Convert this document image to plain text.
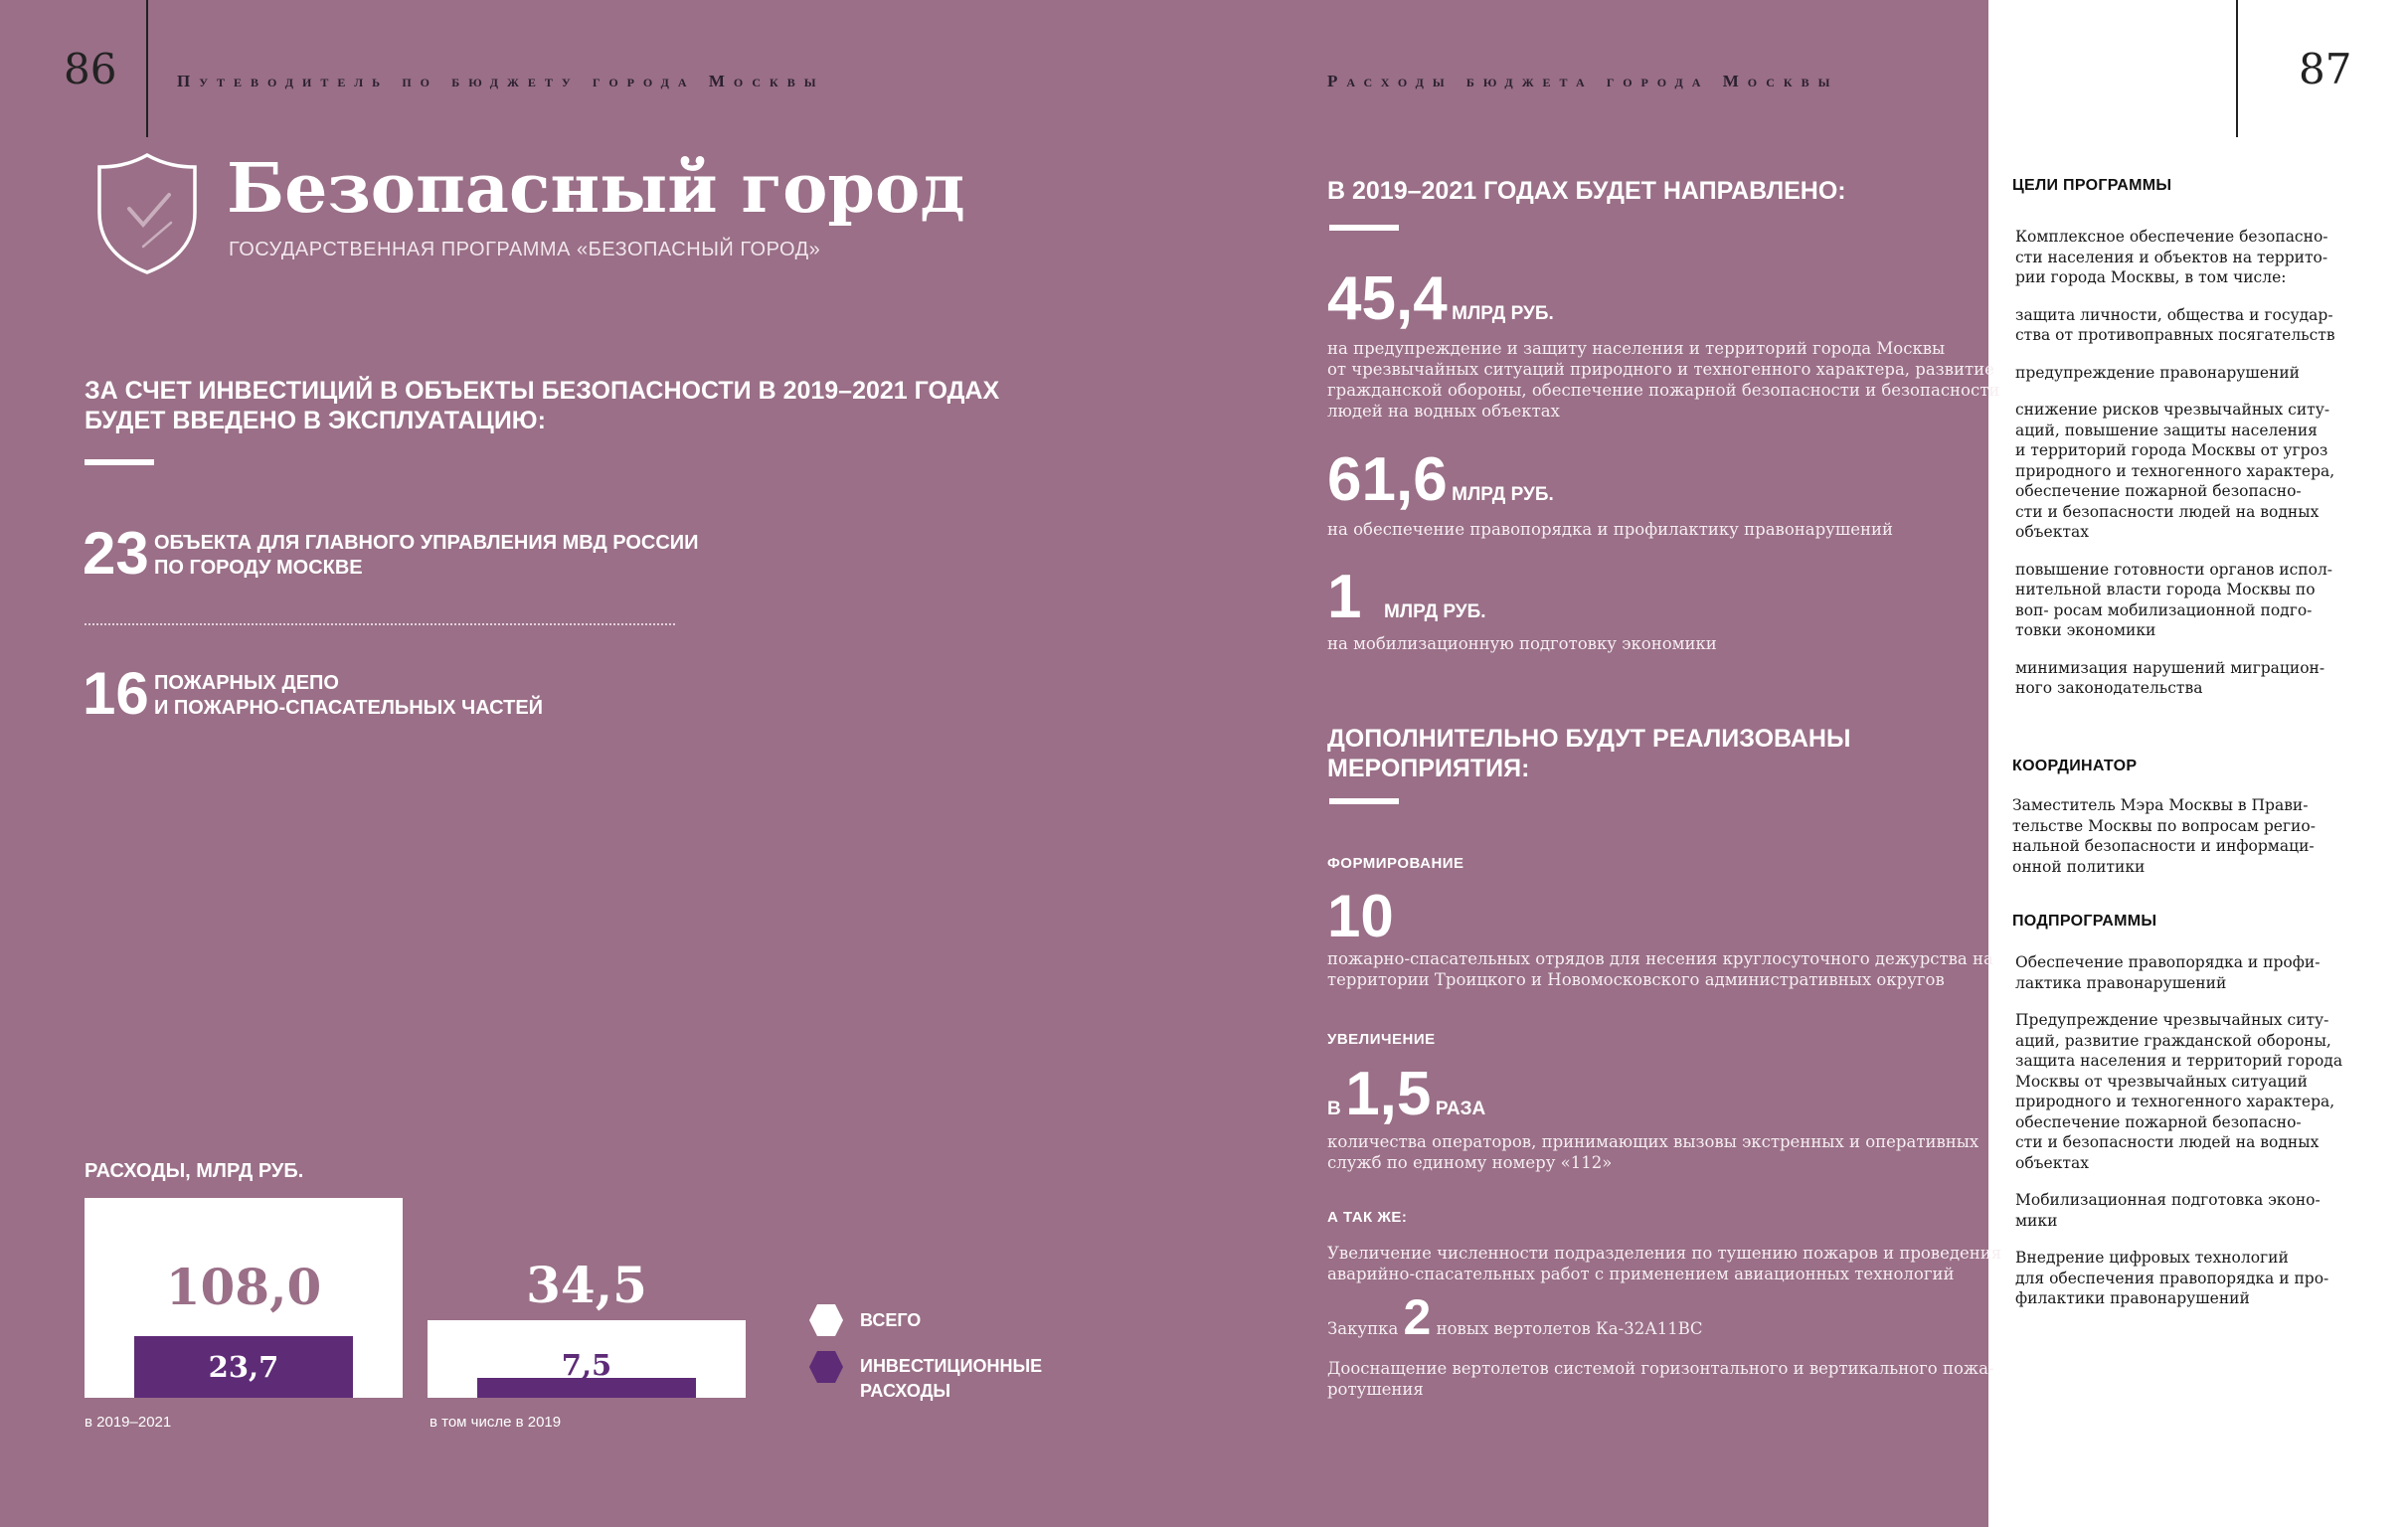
86	Путеводитель по бюджету города Москвы	Расходы бюджета города Москвы	87
Безопасный город
ГОСУДАРСТВЕННАЯ ПРОГРАММА «БЕЗОПАСНЫЙ ГОРОД»
ЗА СЧЕТ ИНВЕСТИЦИЙ В ОБЪЕКТЫ БЕЗОПАСНОСТИ В 2019–2021 ГОДАХ
БУДЕТ ВВЕДЕНО В ЭКСПЛУАТАЦИЮ:
23 ОБЪЕКТА ДЛЯ ГЛАВНОГО УПРАВЛЕНИЯ МВД РОССИИ
ПО ГОРОДУ МОСКВЕ
16 ПОЖАРНЫХ ДЕПО
И ПОЖАРНО-СПАСАТЕЛЬНЫХ ЧАСТЕЙ
РАСХОДЫ, МЛРД РУБ.
108,0
23,7
34,5
7,5
в 2019–2021	в том числе в 2019
ВСЕГО
ИНВЕСТИЦИОННЫЕ
РАСХОДЫ
В 2019–2021 ГОДАХ БУДЕТ НАПРАВЛЕНО:
45,4 МЛРД РУБ.
на предупреждение и защиту населения и территорий города Москвы
от чрезвычайных ситуаций природного и техногенного характера, развитие
гражданской обороны, обеспечение пожарной безопасности и безопасности
людей на водных объектах
61,6 МЛРД РУБ.
на обеспечение правопорядка и профилактику правонарушений
1 МЛРД РУБ.
на мобилизационную подготовку экономики
ДОПОЛНИТЕЛЬНО БУДУТ РЕАЛИЗОВАНЫ
МЕРОПРИЯТИЯ:
ФОРМИРОВАНИЕ
10
пожарно-спасательных отрядов для несения круглосуточного дежурства на
территории Троицкого и Новомосковского административных округов
УВЕЛИЧЕНИЕ
В 1,5 РАЗА
количества операторов, принимающих вызовы экстренных и оперативных
служб по единому номеру «112»
А ТАК ЖЕ:
Увеличение численности подразделения по тушению пожаров и проведения
аварийно-спасательных работ с применением авиационных технологий
Закупка 2 новых вертолетов Ка-32А11ВС
Дооснащение вертолетов системой горизонтального и вертикального пожа-
ротушения
ЦЕЛИ ПРОГРАММЫ
Комплексное обеспечение безопасно-
сти населения и объектов на террито-
рии города Москвы, в том числе:
защита личности, общества и государ-
ства от противоправных посягательств
предупреждение правонарушений
снижение рисков чрезвычайных ситу-
аций, повышение защиты населения
и территорий города Москвы от угроз
природного и техногенного характера,
обеспечение пожарной безопасно-
сти и безопасности людей на водных
объектах
повышение готовности органов испол-
нительной власти города Москвы по
воп- росам мобилизационной подго-
товки экономики
минимизация нарушений миграцион-
ного законодательства
КООРДИНАТОР
Заместитель Мэра Москвы в Прави-
тельстве Москвы по вопросам регио-
нальной безопасности и информаци-
онной политики
ПОДПРОГРАММЫ
Обеспечение правопорядка и профи-
лактика правонарушений
Предупреждение чрезвычайных ситу-
аций, развитие гражданской обороны,
защита населения и территорий города
Москвы от чрезвычайных ситуаций
природного и техногенного характера,
обеспечение пожарной безопасно-
сти и безопасности людей на водных
объектах
Мобилизационная подготовка эконо-
мики
Внедрение цифровых технологий
для обеспечения правопорядка и про-
филактики правонарушений
